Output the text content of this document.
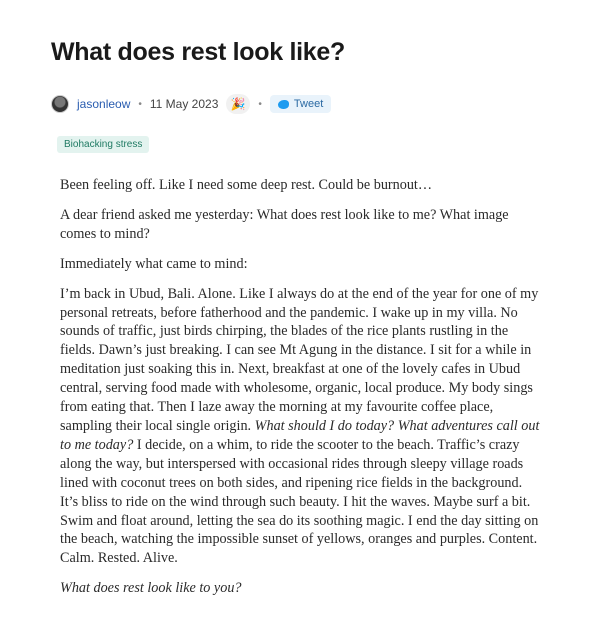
What does rest look like?
jasonleow • 11 May 2023 🎉 •	Tweet
Biohacking stress

Been feeling off. Like I need some deep rest. Could be burnout…

A dear friend asked me yesterday: What does rest look like to me? What image comes to mind?

Immediately what came to mind:

I’m back in Ubud, Bali. Alone. Like I always do at the end of the year for one of my personal retreats, before fatherhood and the pandemic. I wake up in my villa. No sounds of traffic, just birds chirping, the blades of the rice plants rustling in the fields. Dawn’s just breaking. I can see Mt Agung in the distance. I sit for a while in meditation just soaking this in. Next, breakfast at one of the lovely cafes in Ubud central, serving food made with wholesome, organic, local produce. My body sings from eating that. Then I laze away the morning at my favourite coffee place, sampling their local single origin. What should I do today? What adventures call out to me today? I decide, on a whim, to ride the scooter to the beach. Traffic’s crazy along the way, but interspersed with occasional rides through sleepy village roads lined with coconut trees on both sides, and ripening rice fields in the background. It’s bliss to ride on the wind through such beauty. I hit the waves. Maybe surf a bit. Swim and float around, letting the sea do its soothing magic. I end the day sitting on the beach, watching the impossible sunset of yellows, oranges and purples. Content. Calm. Rested. Alive.

What does rest look like to you?
